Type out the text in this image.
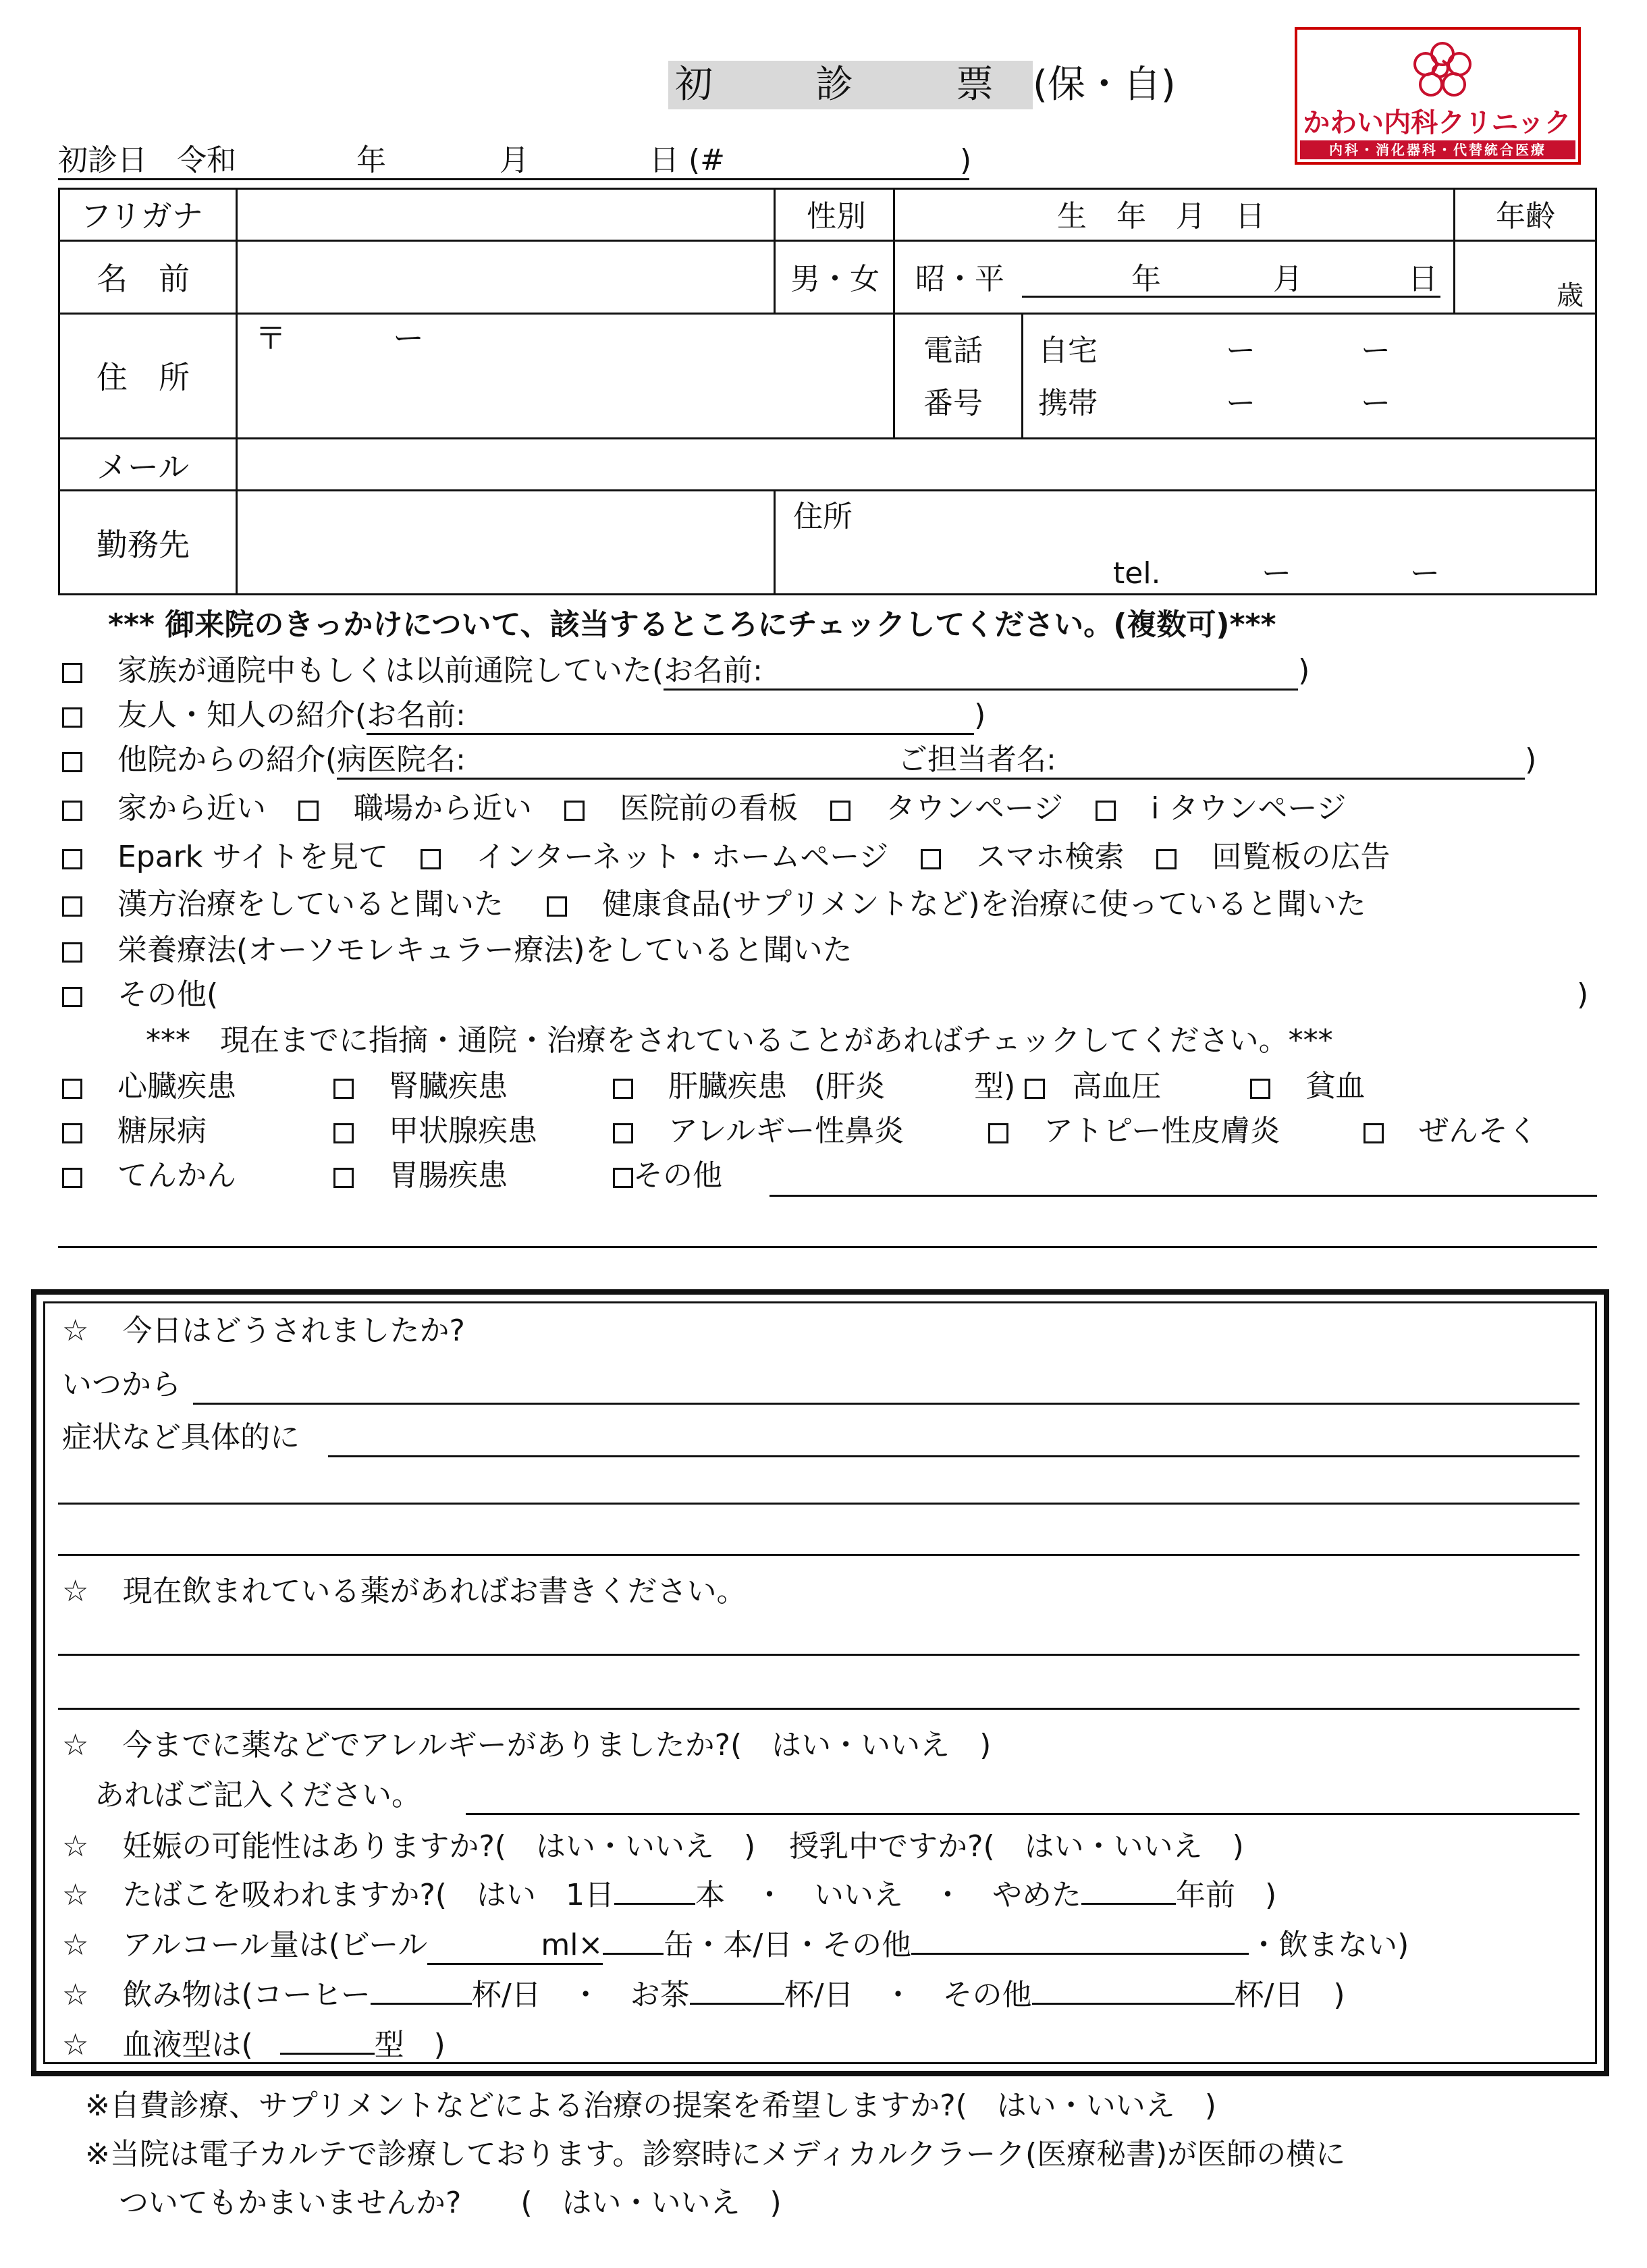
初　診　票 (保・自)
かわい内科クリニック
内科・消化器科・代替統合医療
初診日　令和	年	月	日 (#	)
フリガナ	性別	生　年　月　日	年齢
名　前	男・女 昭・平	年	月	日	歳
住　所
〒	ー	電話
番号
自宅	ー	ー
携帯	ー	ー
メール
勤務先
住所
tel.	ー	ー
*** 御来院のきっかけについて、該当するところにチェックしてください。(複数可)***
家族が通院中もしくは以前通院していた(お名前:	)
友人・知人の紹介(お名前:	)
他院からの紹介(病医院名:	ご担当者名:	)
家から近い	職場から近い	医院前の看板	タウンページ	i タウンページ
Epark サイトを見て	インターネット・ホームページ	スマホ検索	回覧板の広告
漢方治療をしていると聞いた	健康食品(サプリメントなど)を治療に使っていると聞いた
栄養療法(オーソモレキュラー療法)をしていると聞いた
その他(	)
***　現在までに指摘・通院・治療をされていることがあればチェックしてください。***
心臓疾患	腎臓疾患	肝臓疾患 (肝炎　　　型) 高血圧	貧血
糖尿病	甲状腺疾患	アレルギー性鼻炎	アトピー性皮膚炎	ぜんそく
てんかん	胃腸疾患	その他
☆ 今日はどうされましたか?
いつから
症状など具体的に
☆ 現在飲まれている薬があればお書きください。
☆ 今までに薬などでアレルギーがありましたか?(　はい・いいえ　)
あればご記入ください。
☆ 妊娠の可能性はありますか?(　はい・いいえ　) 授乳中ですか?(　はい・いいえ　)
☆ たばこを吸われますか?(　はい　1日	本　・　いいえ　・　やめた	年前　)
☆ アルコール量は(ビール	ml× 缶・本/日・その他	・飲まない)
☆ 飲み物は(コーヒー	杯/日　・　お茶	杯/日　・　その他	杯/日　)
☆ 血液型は(	型　)
※自費診療、サプリメントなどによる治療の提案を希望しますか?(　はい・いいえ　)
※当院は電子カルテで診療しております。診察時にメディカルクラーク(医療秘書)が医師の横に
ついてもかまいませんか?　　(　はい・いいえ　)
